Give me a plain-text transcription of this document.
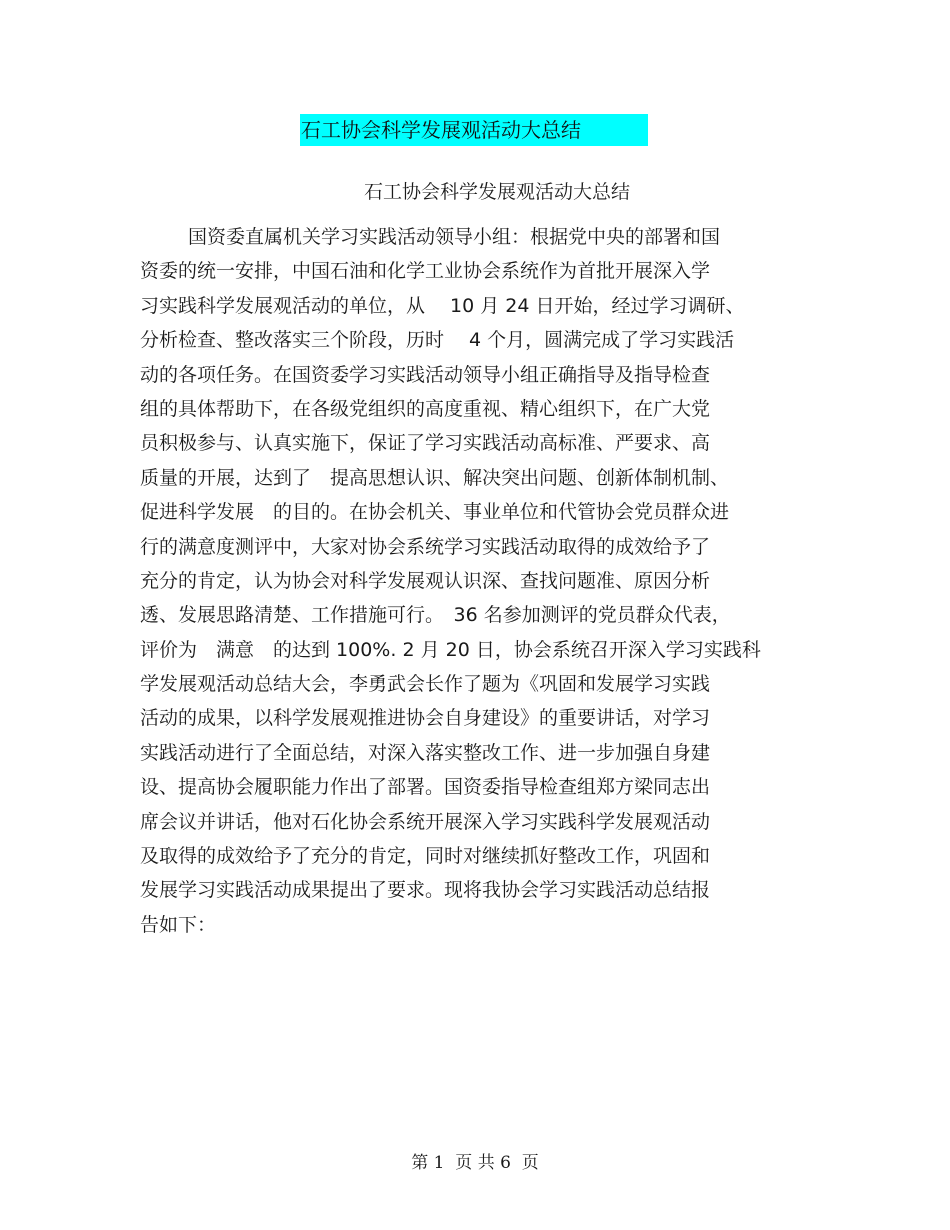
石工协会科学发展观活动大总结
石工协会科学发展观活动大总结
国资委直属机关学习实践活动领导小组：根据党中央的部署和国
资委的统一安排，中国石油和化学工业协会系统作为首批开展深入学
习实践科学发展观活动的单位，从　 10 月 24 日开始，经过学习调研、
分析检查、整改落实三个阶段，历时　 4 个月，圆满完成了学习实践活
动的各项任务。在国资委学习实践活动领导小组正确指导及指导检查
组的具体帮助下，在各级党组织的高度重视、精心组织下，在广大党
员积极参与、认真实施下，保证了学习实践活动高标准、严要求、高
质量的开展，达到了　提高思想认识、解决突出问题、创新体制机制、
促进科学发展　的目的。在协会机关、事业单位和代管协会党员群众进
行的满意度测评中，大家对协会系统学习实践活动取得的成效给予了
充分的肯定，认为协会对科学发展观认识深、查找问题准、原因分析
透、发展思路清楚、工作措施可行。　36 名参加测评的党员群众代表，
评价为　满意　的达到 100%. 2 月 20 日，协会系统召开深入学习实践科
学发展观活动总结大会，李勇武会长作了题为《巩固和发展学习实践
活动的成果，以科学发展观推进协会自身建设》的重要讲话，对学习
实践活动进行了全面总结，对深入落实整改工作、进一步加强自身建
设、提高协会履职能力作出了部署。国资委指导检查组郑方梁同志出
席会议并讲话，他对石化协会系统开展深入学习实践科学发展观活动
及取得的成效给予了充分的肯定，同时对继续抓好整改工作，巩固和
发展学习实践活动成果提出了要求。现将我协会学习实践活动总结报
告如下：
第 1  页 共 6  页
